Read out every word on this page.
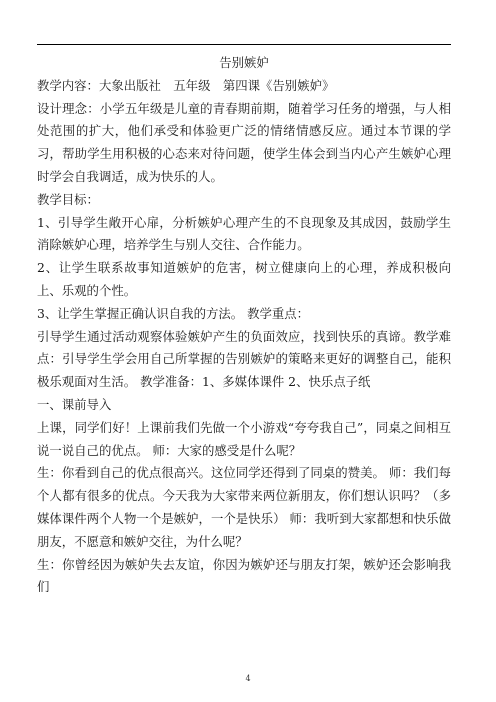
告别嫉妒

教学内容：大象出版社　五年级　第四课《告别嫉妒》

设计理念：小学五年级是儿童的青春期前期，随着学习任务的增强，与人相处范围的扩大，他们承受和体验更广泛的情绪情感反应。通过本节课的学习，帮助学生用积极的心态来对待问题，使学生体会到当内心产生嫉妒心理时学会自我调适，成为快乐的人。

教学目标：

1、引导学生敞开心扉，分析嫉妒心理产生的不良现象及其成因，鼓励学生消除嫉妒心理，培养学生与别人交往、合作能力。

2、让学生联系故事知道嫉妒的危害，树立健康向上的心理，养成积极向上、乐观的个性。

3、让学生掌握正确认识自我的方法。 教学重点：

引导学生通过活动观察体验嫉妒产生的负面效应，找到快乐的真谛。教学难点：引导学生学会用自己所掌握的告别嫉妒的策略来更好的调整自己，能积极乐观面对生活。 教学准备：1、多媒体课件 2、快乐点子纸

一、课前导入

上课，同学们好！上课前我们先做一个小游戏“夸夸我自己”，同桌之间相互说一说自己的优点。 师：大家的感受是什么呢？

生：你看到自己的优点很高兴。这位同学还得到了同桌的赞美。 师：我们每个人都有很多的优点。今天我为大家带来两位新朋友，你们想认识吗？（多媒体课件两个人物一个是嫉妒，一个是快乐） 师：我听到大家都想和快乐做朋友，不愿意和嫉妒交往，为什么呢？

生：你曾经因为嫉妒失去友谊，你因为嫉妒还与朋友打架，嫉妒还会影响我们

4
